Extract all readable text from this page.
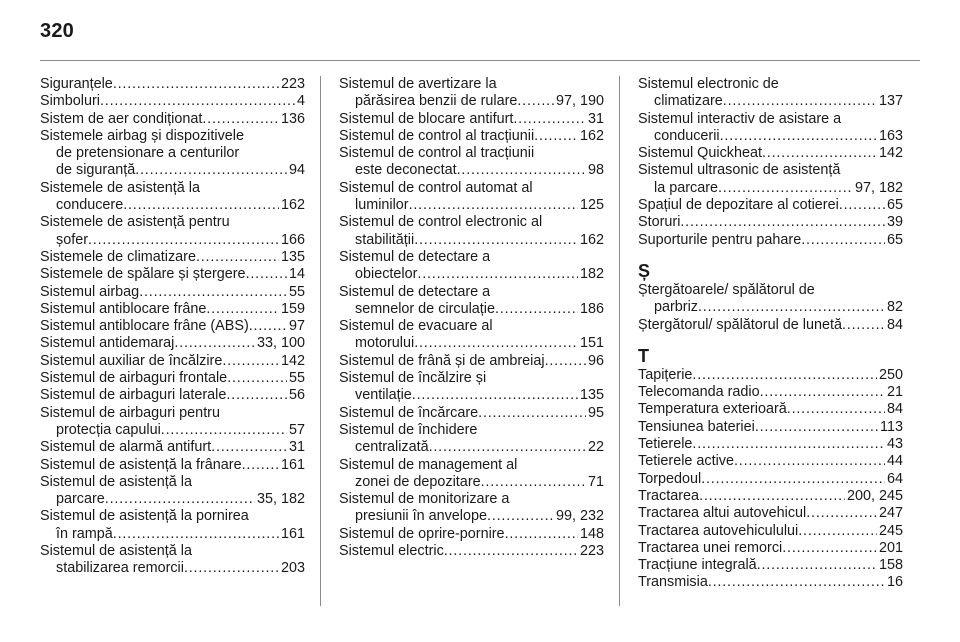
320
Siguranțele . . .	223
Simboluri . . .	4
Sistem de aer condiționat . . .	136
Sistemele airbag și dispozitivele
de pretensionare a centurilor
de siguranță . . .	94
Sistemele de asistență la
conducere . . .	162
Sistemele de asistență pentru
șofer . . .	166
Sistemele de climatizare . . .	135
Sistemele de spălare și ștergere . . .	14
Sistemul airbag . . .	55
Sistemul antiblocare frâne . . .	159
Sistemul antiblocare frâne (ABS) . . .	97
Sistemul antidemaraj . . .	33, 100
Sistemul auxiliar de încălzire . . .	142
Sistemul de airbaguri frontale . . .	55
Sistemul de airbaguri laterale . . .	56
Sistemul de airbaguri pentru
protecția capului . . .	57
Sistemul de alarmă antifurt . . .	31
Sistemul de asistență la frânare . . .	161
Sistemul de asistență la
parcare . . .	35, 182
Sistemul de asistență la pornirea
în rampă . . .	161
Sistemul de asistență la
stabilizarea remorcii . . .	203
Sistemul de avertizare la
părăsirea benzii de rulare . . .	97, 190
Sistemul de blocare antifurt . . .	31
Sistemul de control al tracțiunii . . .	162
Sistemul de control al tracțiunii
este deconectat . . .	98
Sistemul de control automat al
luminilor . . .	125
Sistemul de control electronic al
stabilității . . .	162
Sistemul de detectare a
obiectelor . . .	182
Sistemul de detectare a
semnelor de circulație . . .	186
Sistemul de evacuare al
motorului . . .	151
Sistemul de frână și de ambreiaj . . .	96
Sistemul de încălzire și
ventilație . . .	135
Sistemul de încărcare . . .	95
Sistemul de închidere
centralizată . . .	22
Sistemul de management al
zonei de depozitare . . .	71
Sistemul de monitorizare a
presiunii în anvelope . . .	99, 232
Sistemul de oprire-pornire . . .	148
Sistemul electric . . .	223
Sistemul electronic de
climatizare . . .	137
Sistemul interactiv de asistare a
conducerii . . .	163
Sistemul Quickheat . . .	142
Sistemul ultrasonic de asistență
la parcare . . .	97, 182
Spațiul de depozitare al cotierei . . .	65
Storuri . . .	39
Suporturile pentru pahare . . .	65
Ș
Ștergătoarele/ spălătorul de
parbriz . . .	82
Ștergătorul/ spălătorul de lunetă . . .	84
T
Tapițerie . . .	250
Telecomanda radio . . .	21
Temperatura exterioară . . .	84
Tensiunea bateriei . . .	113
Tetierele . . .	43
Tetierele active . . .	44
Torpedoul . . .	64
Tractarea . . .	200, 245
Tractarea altui autovehicul . . .	247
Tractarea autovehiculului . . .	245
Tractarea unei remorci . . .	201
Tracțiune integrală . . .	158
Transmisia . . .	16
